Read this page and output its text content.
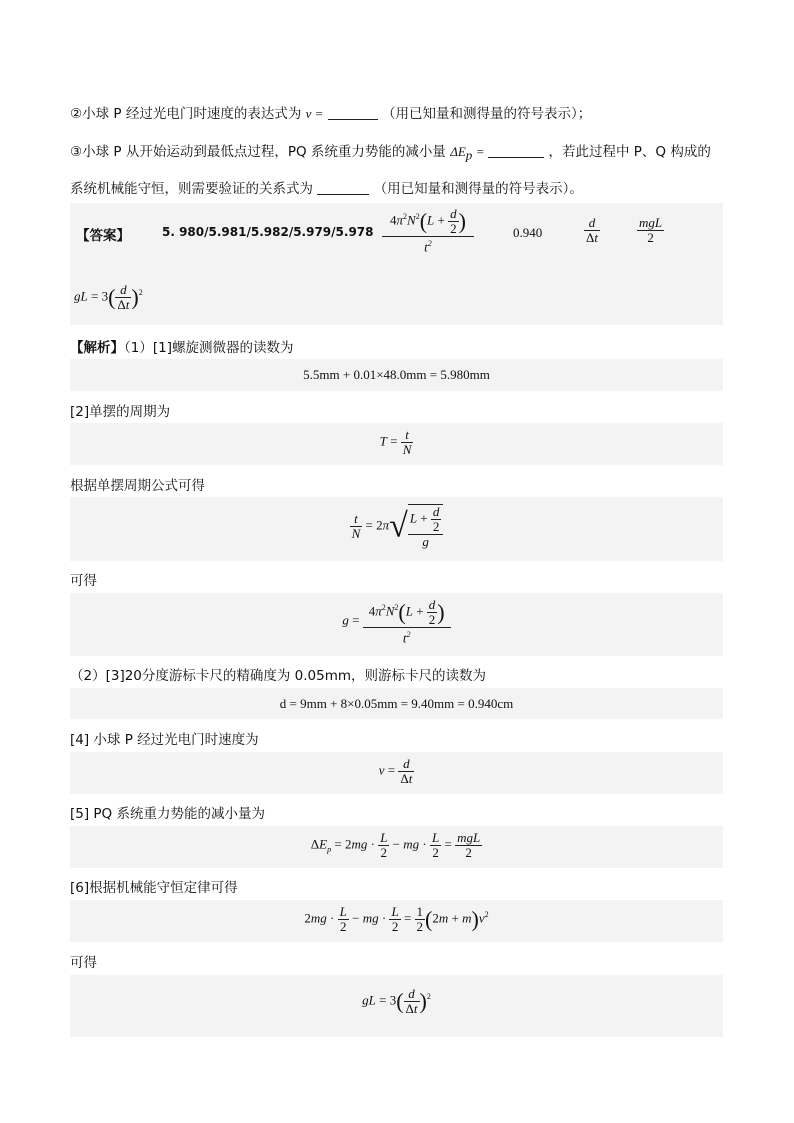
②小球 P 经过光电门时速度的表达式为 v =	（用已知量和测得量的符号表示）；
③小球 P 从开始运动到最低点过程，PQ 系统重力势能的减小量 $\Delta E_p$ =	，若此过程中 P、Q 构成的
系统机械能守恒，则需要验证的关系式为	（用已知量和测得量的符号表示）。
【答案】	5. $980/5.981/5.982/5.979/5.978 \frac{4\pi^2N^2(L + \frac{d}{2} )}{t^2}$	0.940	$\frac{d}{\Delta t}$	$\frac{\text{mgL}}{2}$
gL = $3( \frac{d}{\Delta t} )^2$
【解析】（1）[1]螺旋测微器的读数为
5.5mm + 0.01×48.0mm = 5.980mm
[2]单摆的周期为
$T = \frac{t}{N}$
根据单摆周期公式可得
$\frac{t}{N} = 2\pi√ \frac{L + \frac{d}{2}}{g}$
可得
$g = \frac{4\pi^2N^2(L + \frac{d}{2} )}{t^2}$
（2）[3]20分度游标卡尺的精确度为 0.05mm，则游标卡尺的读数为
d = 9mm + 8×0.05mm = 9.40mm = 0.940cm
[4] 小球 P 经过光电门时速度为
$v = \frac{d}{\Delta t}$
[5] PQ 系统重力势能的减小量为
$\Delta E_p = 2mg \cdot \frac{L}{2}$ − mg · $\frac{L}{2} = \frac{\text{mgL}}{2}$
[6]根据机械能守恒定律可得
$2mg \cdot \frac{L}{2}$ − mg · $\frac{L}{2} = \frac{1}{2} (2m + m)v^2$
可得
gL = $3( \frac{d}{\Delta t} )^2$
